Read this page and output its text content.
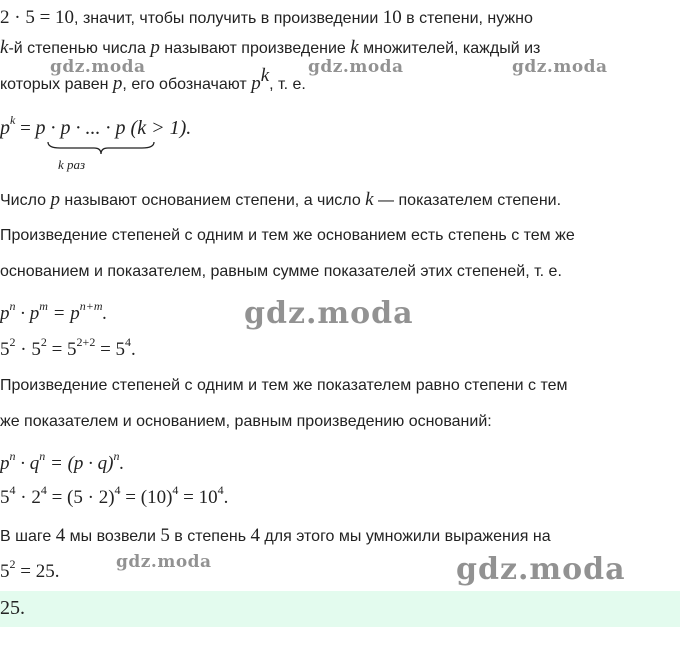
2 · 5 = 10, значит, чтобы получить в произведении 10 в степени, нужно
k-й степенью числа p называют произведение k множителей, каждый из
которых равен p, его обозначают $p^k$, т. е.
$p^k = p \cdot p$ · ... · p (k > 1).
k раз
Число p называют основанием степени, а число k — показателем степени.
Произведение степеней с одним и тем же основанием есть степень с тем же
основанием и показателем, равным сумме показателей этих степеней, т. е.
$p^n \cdot p^m = p^{n+m}$.
$5^2 \cdot 5^2 = 5^{2+2} = 5^4$.
Произведение степеней с одним и тем же показателем равно степени с тем
же показателем и основанием, равным произведению оснований:
$p^n \cdot q^n = (p \cdot q)^n$.
$5^4 \cdot 2^4 = (5 \cdot 2)^4 = (10)^4 = 10^4$.
В шаге 4 мы возвели 5 в степень 4 для этого мы умножили выражения на
$5^2 = 25$.
25.
gdz.moda	gdz.moda	gdz.moda
gdz.moda
gdz.moda	gdz.moda
